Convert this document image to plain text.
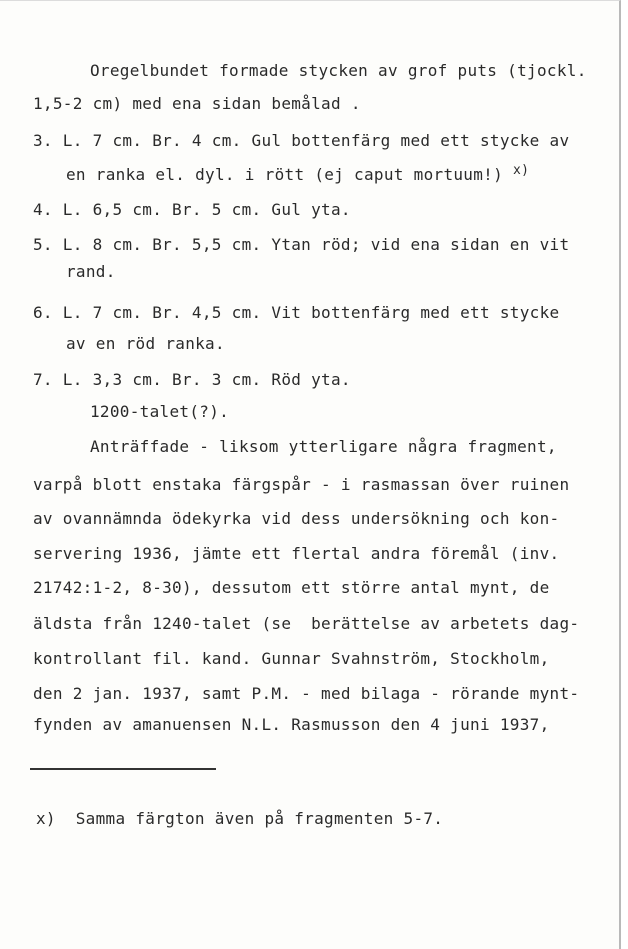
Oregelbundet formade stycken av grof puts (tjockl.
1,5-2 cm) med ena sidan bemålad .
3. L. 7 cm. Br. 4 cm. Gul bottenfärg med ett stycke av
en ranka el. dyl. i rött (ej caput mortuum!) $^{x)}$
4. L. 6,5 cm. Br. 5 cm. Gul yta.
5. L. 8 cm. Br. 5,5 cm. Ytan röd; vid ena sidan en vit
rand.
6. L. 7 cm. Br. 4,5 cm. Vit bottenfärg med ett stycke
av en röd ranka.
7. L. 3,3 cm. Br. 3 cm. Röd yta.
1200-talet(?).
Anträffade - liksom ytterligare några fragment,
varpå blott enstaka färgspår - i rasmassan över ruinen
av ovannämnda ödekyrka vid dess undersökning och kon-
servering 1936, jämte ett flertal andra föremål (inv.
21742:1-2, 8-30), dessutom ett större antal mynt, de
äldsta från 1240-talet (se  berättelse av arbetets dag-
kontrollant fil. kand. Gunnar Svahnström, Stockholm,
den 2 jan. 1937, samt P.M. - med bilaga - rörande mynt-
fynden av amanuensen N.L. Rasmusson den 4 juni 1937,
x)  Samma färgton även på fragmenten 5-7.
